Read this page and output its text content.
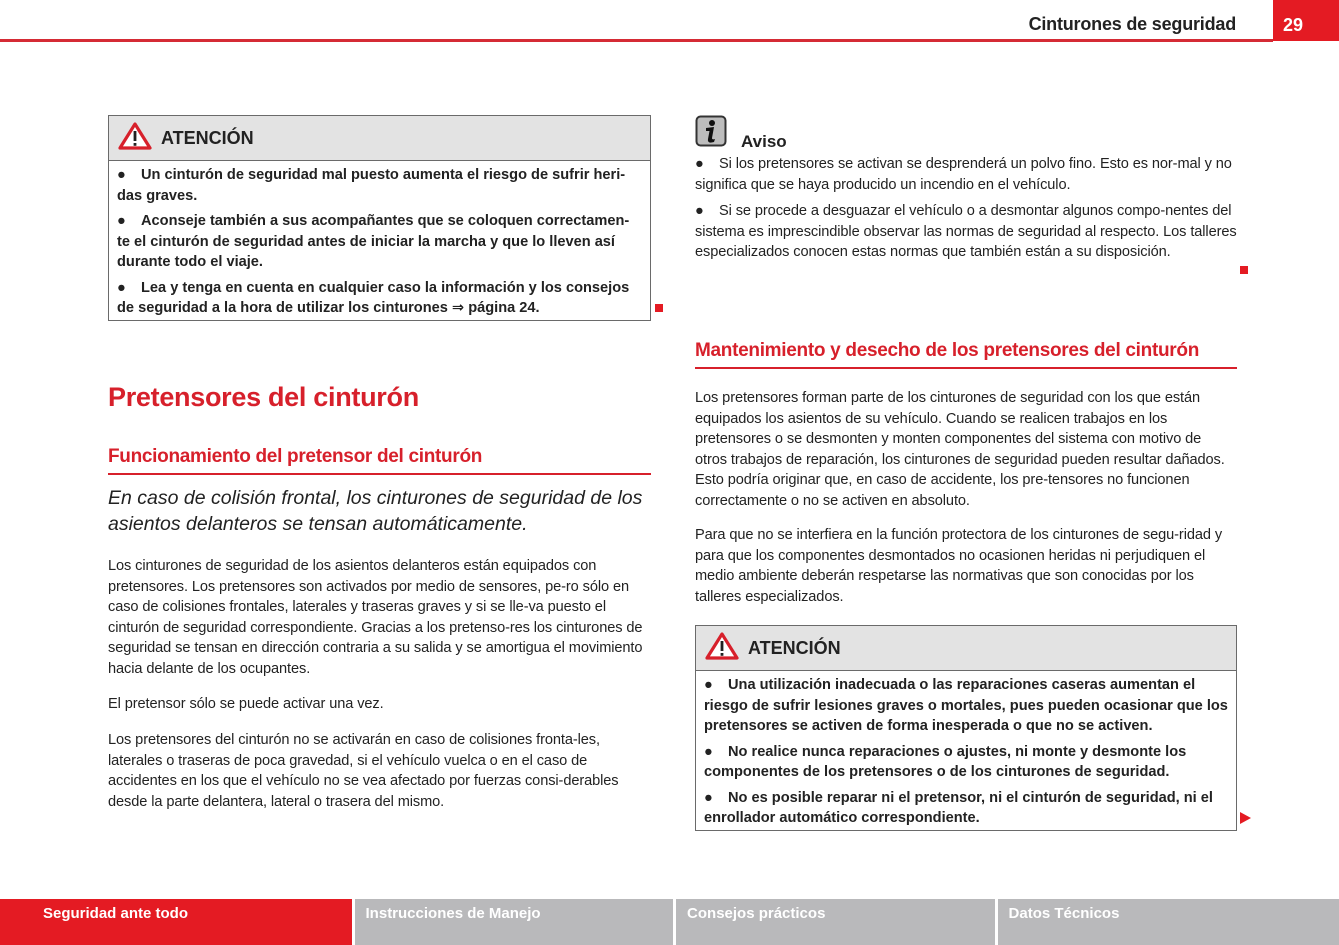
Cinturones de seguridad	29
ATENCIÓN

● Un cinturón de seguridad mal puesto aumenta el riesgo de sufrir heri-das graves.

● Aconseje también a sus acompañantes que se coloquen correctamen-te el cinturón de seguridad antes de iniciar la marcha y que lo lleven así durante todo el viaje.

● Lea y tenga en cuenta en cualquier caso la información y los consejos de seguridad a la hora de utilizar los cinturones ⇒ página 24.

Pretensores del cinturón
Funcionamiento del pretensor del cinturón
En caso de colisión frontal, los cinturones de seguridad de los asientos delanteros se tensan automáticamente.

Los cinturones de seguridad de los asientos delanteros están equipados con pretensores. Los pretensores son activados por medio de sensores, pe-ro sólo en caso de colisiones frontales, laterales y traseras graves y si se lle-va puesto el cinturón de seguridad correspondiente. Gracias a los pretenso-res los cinturones de seguridad se tensan en dirección contraria a su salida y se amortigua el movimiento hacia delante de los ocupantes.

El pretensor sólo se puede activar una vez.

Los pretensores del cinturón no se activarán en caso de colisiones fronta-les, laterales o traseras de poca gravedad, si el vehículo vuelca o en el caso de accidentes en los que el vehículo no se vea afectado por fuerzas consi-derables desde la parte delantera, lateral o trasera del mismo.

Aviso

● Si los pretensores se activan se desprenderá un polvo fino. Esto es nor-mal y no significa que se haya producido un incendio en el vehículo.

● Si se procede a desguazar el vehículo o a desmontar algunos compo-nentes del sistema es imprescindible observar las normas de seguridad al respecto. Los talleres especializados conocen estas normas que también están a su disposición.

Mantenimiento y desecho de los pretensores del cinturón

Los pretensores forman parte de los cinturones de seguridad con los que están equipados los asientos de su vehículo. Cuando se realicen trabajos en los pretensores o se desmonten y monten componentes del sistema con motivo de otros trabajos de reparación, los cinturones de seguridad pueden resultar dañados. Esto podría originar que, en caso de accidente, los pre-tensores no funcionen correctamente o no se activen en absoluto.

Para que no se interfiera en la función protectora de los cinturones de segu-ridad y para que los componentes desmontados no ocasionen heridas ni perjudiquen el medio ambiente deberán respetarse las normativas que son conocidas por los talleres especializados.

ATENCIÓN

● Una utilización inadecuada o las reparaciones caseras aumentan el riesgo de sufrir lesiones graves o mortales, pues pueden ocasionar que los pretensores se activen de forma inesperada o que no se activen.

● No realice nunca reparaciones o ajustes, ni monte y desmonte los componentes de los pretensores o de los cinturones de seguridad.

● No es posible reparar ni el pretensor, ni el cinturón de seguridad, ni el enrollador automático correspondiente.

Seguridad ante todo	Instrucciones de Manejo	Consejos prácticos	Datos Técnicos
